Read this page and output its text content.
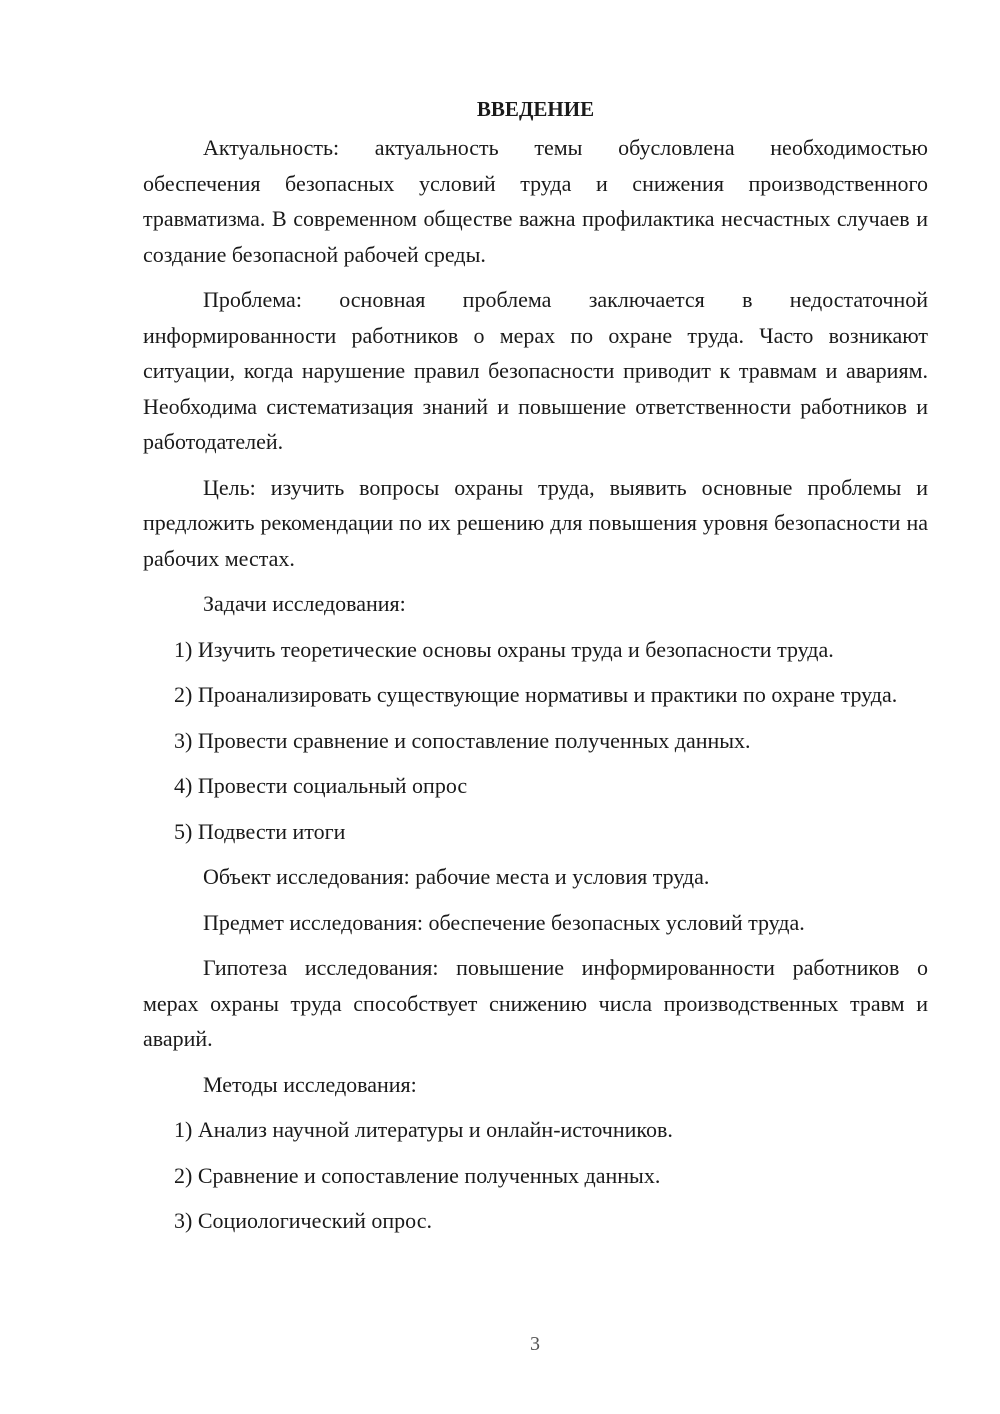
ВВЕДЕНИЕ

Актуальность: актуальность темы обусловлена необходимостью обеспечения безопасных условий труда и снижения производственного травматизма. В современном обществе важна профилактика несчастных случаев и создание безопасной рабочей среды.

Проблема: основная проблема заключается в недостаточной информированности работников о мерах по охране труда. Часто возникают ситуации, когда нарушение правил безопасности приводит к травмам и авариям. Необходима систематизация знаний и повышение ответственности работников и работодателей.

Цель: изучить вопросы охраны труда, выявить основные проблемы и предложить рекомендации по их решению для повышения уровня безопасности на рабочих местах.

Задачи исследования:

1) Изучить теоретические основы охраны труда и безопасности труда.

2) Проанализировать существующие нормативы и практики по охране труда.

3) Провести сравнение и сопоставление полученных данных.

4) Провести социальный опрос

5) Подвести итоги

Объект исследования: рабочие места и условия труда.

Предмет исследования: обеспечение безопасных условий труда.

Гипотеза исследования: повышение информированности работников о мерах охраны труда способствует снижению числа производственных травм и аварий.

Методы исследования:

1) Анализ научной литературы и онлайн-источников.

2) Сравнение и сопоставление полученных данных.

3) Социологический опрос.

3
